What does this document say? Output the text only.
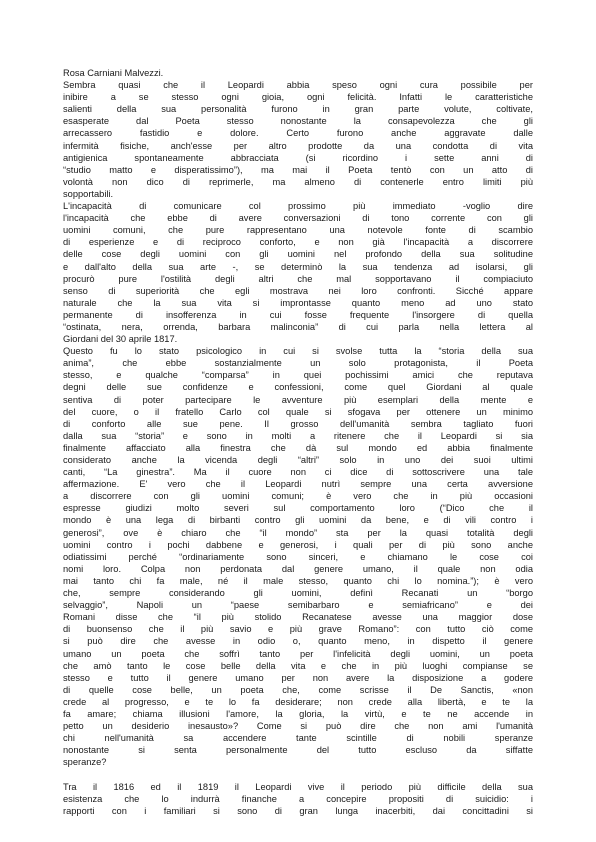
Rosa Carniani Malvezzi.
Sembra quasi che il Leopardi abbia speso ogni cura possibile per
inibire a se stesso ogni gioia, ogni felicità. Infatti le caratteristiche
salienti della sua personalità furono in gran parte volute, coltivate,
esasperate dal Poeta stesso nonostante la consapevolezza che gli
arrecassero fastidio e dolore. Certo furono anche aggravate dalle
infermità fisiche, anch'esse per altro prodotte da una condotta di vita
antigienica spontaneamente abbracciata (si ricordino i sette anni di
“studio matto e disperatissimo”), ma mai il Poeta tentò con un atto di
volontà non dico di reprimerle, ma almeno di contenerle entro limiti più
sopportabili.
L'incapacità di comunicare col prossimo più immediato -voglio dire
l'incapacità che ebbe di avere conversazioni di tono corrente con gli
uomini comuni, che pure rappresentano una notevole fonte di scambio
di esperienze e di reciproco conforto, e non già l'incapacità a discorrere
delle cose degli uomini con gli uomini nel profondo della sua solitudine
e dall'alto della sua arte -, se determinò la sua tendenza ad isolarsi, gli
procurò pure l'ostilità degli altri che mal sopportavano il compiaciuto
senso di superiorità che egli mostrava nei loro confronti. Sicché appare
naturale che la sua vita si improntasse quanto meno ad uno stato
permanente di insofferenza in cui fosse frequente l'insorgere di quella
“ostinata, nera, orrenda, barbara malinconia” di cui parla nella lettera al
Giordani del 30 aprile 1817.
Questo fu lo stato psicologico in cui si svolse tutta la “storia della sua
anima”, che ebbe sostanzialmente un solo protagonista, il Poeta
stesso, e qualche “comparsa” in quei pochissimi amici che reputava
degni delle sue confidenze e confessioni, come quel Giordani al quale
sentiva di poter partecipare le avventure più esemplari della mente e
del cuore, o il fratello Carlo col quale si sfogava per ottenere un minimo
di conforto alle sue pene. Il grosso dell'umanità sembra tagliato fuori
dalla sua “storia” e sono in molti a ritenere che il Leopardi si sia
finalmente affacciato alla finestra che dà sul mondo ed abbia finalmente
considerato anche la vicenda degli “altri” solo in uno dei suoi ultimi
canti, “La ginestra”. Ma il cuore non ci dice di sottoscrivere una tale
affermazione. E' vero che il Leopardi nutrì sempre una certa avversione
a discorrere con gli uomini comuni; è vero che in più occasioni
espresse giudizi molto severi sul comportamento loro (“Dico che il
mondo è una lega di birbanti contro gli uomini da bene, e di vili contro i
generosi”, ove è chiaro che “il mondo” sta per la quasi totalità degli
uomini contro i pochi dabbene e generosi, i quali per di più sono anche
odiatissimi perché “ordinariamente sono sinceri, e chiamano le cose coi
nomi loro. Colpa non perdonata dal genere umano, il quale non odia
mai tanto chi fa male, né il male stesso, quanto chi lo nomina.”); è vero
che, sempre considerando gli uomini, definì Recanati un “borgo
selvaggio”, Napoli un “paese semibarbaro e semiafricano” e dei
Romani disse che “il più stolido Recanatese avesse una maggior dose
di buonsenso che il più savio e più grave Romano”: con tutto ciò come
si può dire che avesse in odio o, quanto meno, in dispetto il genere
umano un poeta che soffrì tanto per l'infelicità degli uomini, un poeta
che amò tanto le cose belle della vita e che in più luoghi compianse se
stesso e tutto il genere umano per non avere la disposizione a godere
di quelle cose belle, un poeta che, come scrisse il De Sanctis, «non
crede al progresso, e te lo fa desiderare; non crede alla libertà, e te la
fa amare; chiama illusioni l'amore, la gloria, la virtù, e te ne accende in
petto un desiderio inesausto»? Come si può dire che non ami l'umanità
chi nell'umanità sa accendere tante scintille di nobili speranze
nonostante si senta personalmente del tutto escluso da siffatte
speranze?
Tra il 1816 ed il 1819 il Leopardi vive il periodo più difficile della sua
esistenza che lo indurrà finanche a concepire propositi di suicidio: i
rapporti con i familiari si sono di gran lunga inacerbiti, dai concittadini si
